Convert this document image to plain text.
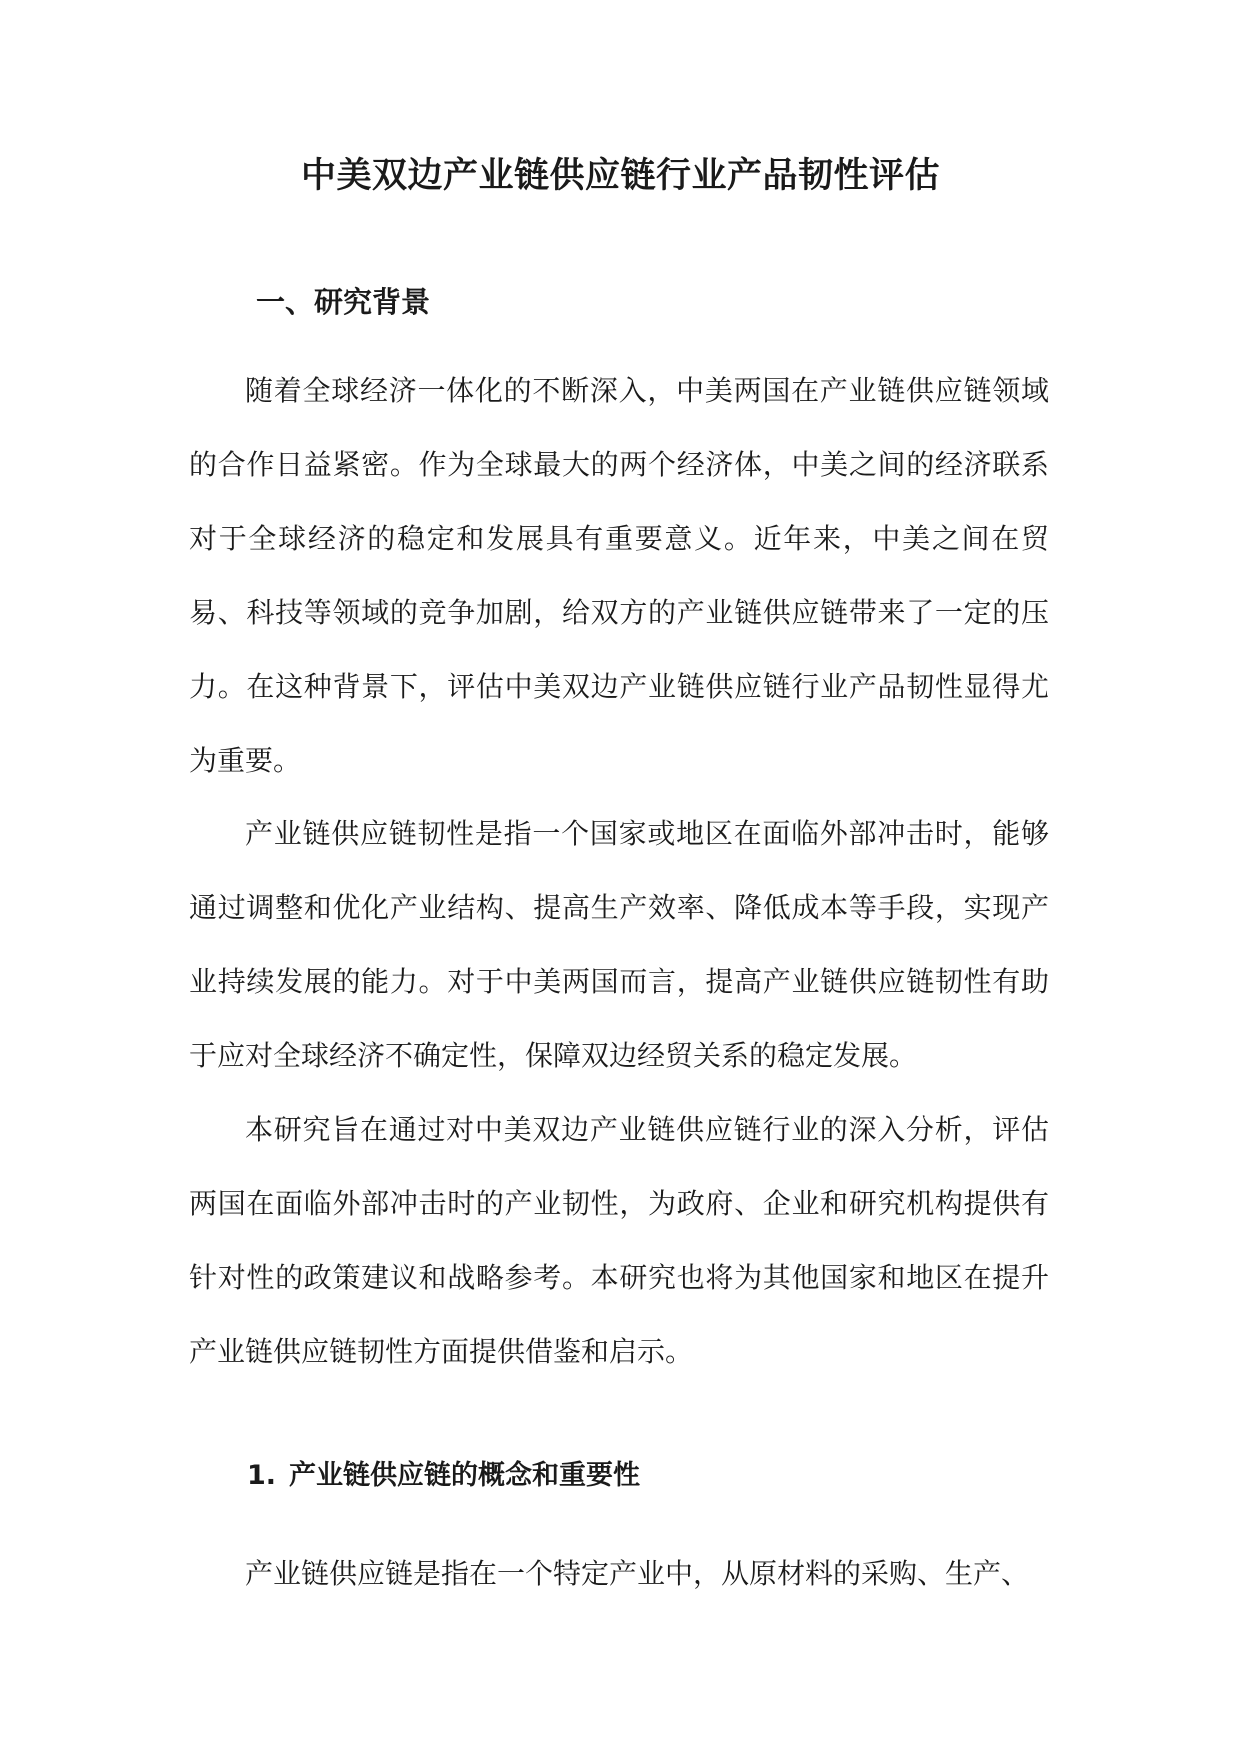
中美双边产业链供应链行业产品韧性评估
一、研究背景

随着全球经济一体化的不断深入，中美两国在产业链供应链领域的合作日益紧密。作为全球最大的两个经济体，中美之间的经济联系对于全球经济的稳定和发展具有重要意义。近年来，中美之间在贸易、科技等领域的竞争加剧，给双方的产业链供应链带来了一定的压力。在这种背景下，评估中美双边产业链供应链行业产品韧性显得尤为重要。

产业链供应链韧性是指一个国家或地区在面临外部冲击时，能够通过调整和优化产业结构、提高生产效率、降低成本等手段，实现产业持续发展的能力。对于中美两国而言，提高产业链供应链韧性有助于应对全球经济不确定性，保障双边经贸关系的稳定发展。

本研究旨在通过对中美双边产业链供应链行业的深入分析，评估两国在面临外部冲击时的产业韧性，为政府、企业和研究机构提供有针对性的政策建议和战略参考。本研究也将为其他国家和地区在提升产业链供应链韧性方面提供借鉴和启示。

1. 产业链供应链的概念和重要性

产业链供应链是指在一个特定产业中，从原材料的采购、生产、
